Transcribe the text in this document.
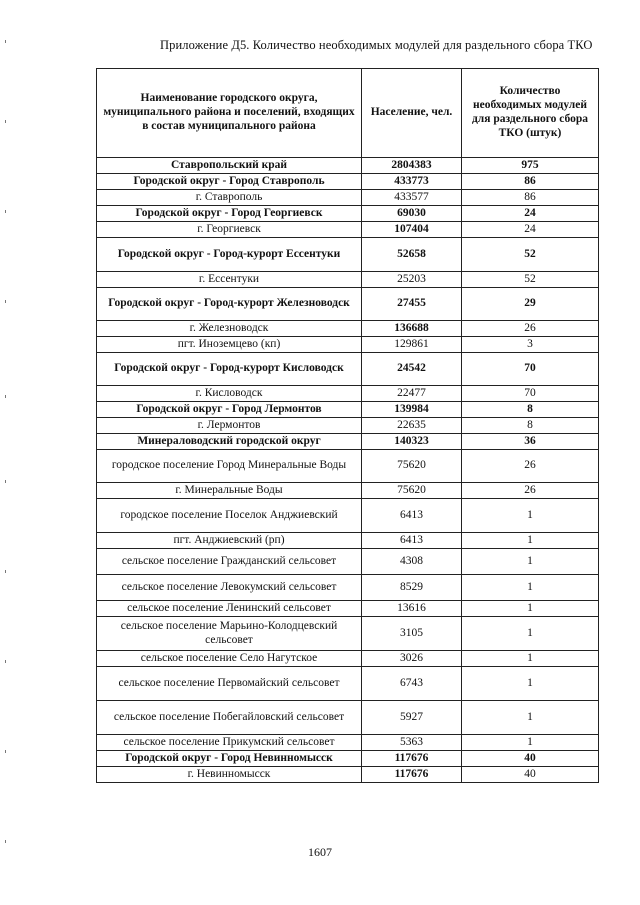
Приложение Д5. Количество необходимых модулей для раздельного сбора ТКО
Наименование городского округа, муниципального района и поселений, входящих в состав муниципального района	Население, чел.	Количество необходимых модулей для раздельного сбора ТКО (штук)
Ставропольский край	2804383	975
Городской округ - Город Ставрополь	433773	86
г. Ставрополь	433577	86
Городской округ - Город Георгиевск	69030	24
г. Георгиевск	107404	24
Городской округ - Город-курорт Ессентуки	52658	52
г. Ессентуки	25203	52
Городской округ - Город-курорт Железноводск	27455	29
г. Железноводск	136688	26
пгт. Иноземцево (кп)	129861	3
Городской округ - Город-курорт Кисловодск	24542	70
г. Кисловодск	22477	70
Городской округ - Город Лермонтов	139984	8
г. Лермонтов	22635	8
Минераловодский городской округ	140323	36
городское поселение Город Минеральные Воды	75620	26
г. Минеральные Воды	75620	26
городское поселение Поселок Анджиевский	6413	1
пгт. Анджиевский (рп)	6413	1
сельское поселение Гражданский сельсовет	4308	1
сельское поселение Левокумский сельсовет	8529	1
сельское поселение Ленинский сельсовет	13616	1
сельское поселение Марьино-Колодцевский сельсовет	3105	1
сельское поселение Село Нагутское	3026	1
сельское поселение Первомайский сельсовет	6743	1
сельское поселение Побегайловский сельсовет	5927	1
сельское поселение Прикумский сельсовет	5363	1
Городской округ - Город Невинномысск	117676	40
г. Невинномысск	117676	40
1607
